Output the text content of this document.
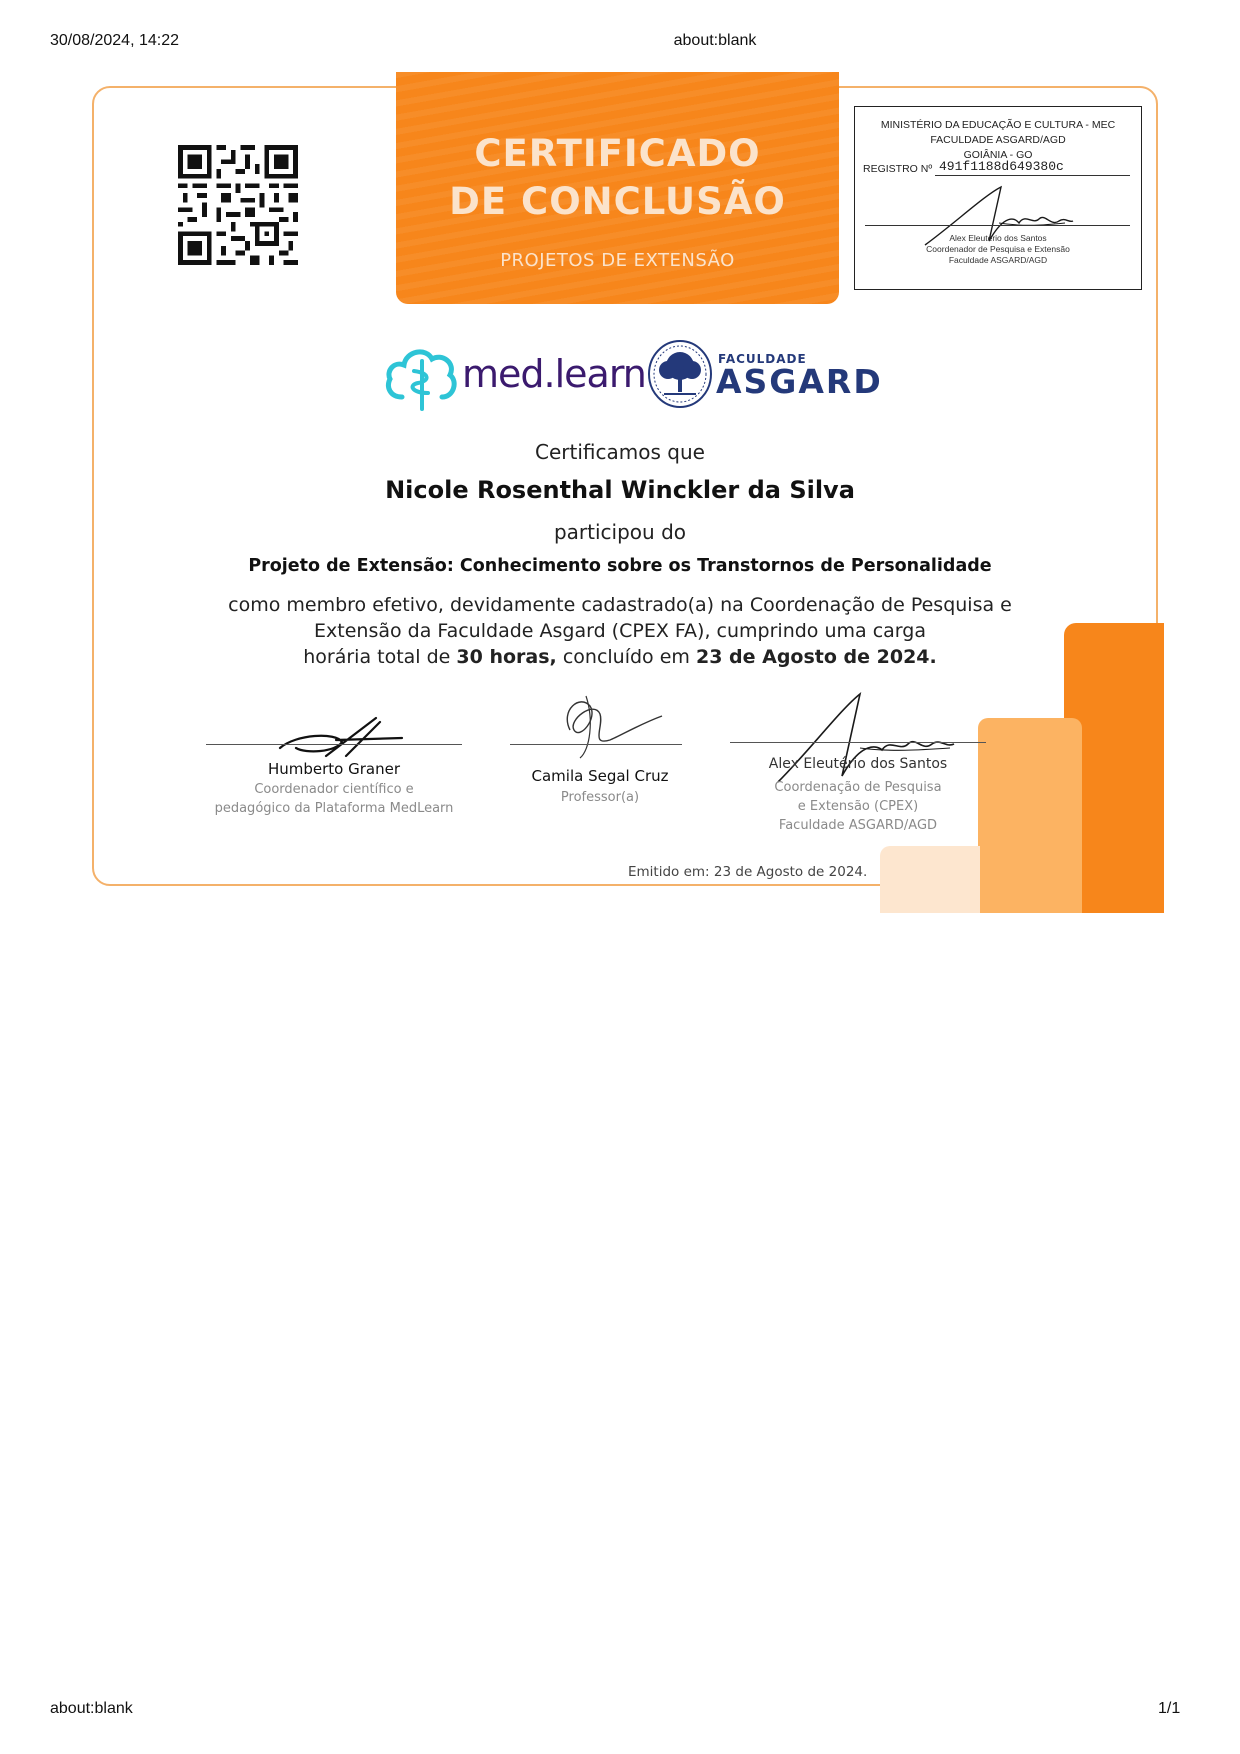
30/08/2024, 14:22	about:blank
about:blank	1/1
CERTIFICADO
DE CONCLUSÃO
PROJETOS DE EXTENSÃO
MINISTÉRIO DA EDUCAÇÃO E CULTURA - MEC
FACULDADE ASGARD/AGD
GOIÂNIA - GO
REGISTRO Nº 491f1188d649380c
Alex Eleutério dos Santos
Coordenador de Pesquisa e Extensão
Faculdade ASGARD/AGD
med.learn	FACULDADE
ASGARD
Certificamos que
Nicole Rosenthal Winckler da Silva
participou do
Projeto de Extensão: Conhecimento sobre os Transtornos de Personalidade
como membro efetivo, devidamente cadastrado(a) na Coordenação de Pesquisa e
Extensão da Faculdade Asgard (CPEX FA), cumprindo uma carga
horária total de 30 horas, concluído em 23 de Agosto de 2024.
Humberto Graner
Coordenador científico e
pedagógico da Plataforma MedLearn
Camila Segal Cruz
Professor(a)
Alex Eleutério dos Santos
Coordenação de Pesquisa
e Extensão (CPEX)
Faculdade ASGARD/AGD
Emitido em: 23 de Agosto de 2024.
